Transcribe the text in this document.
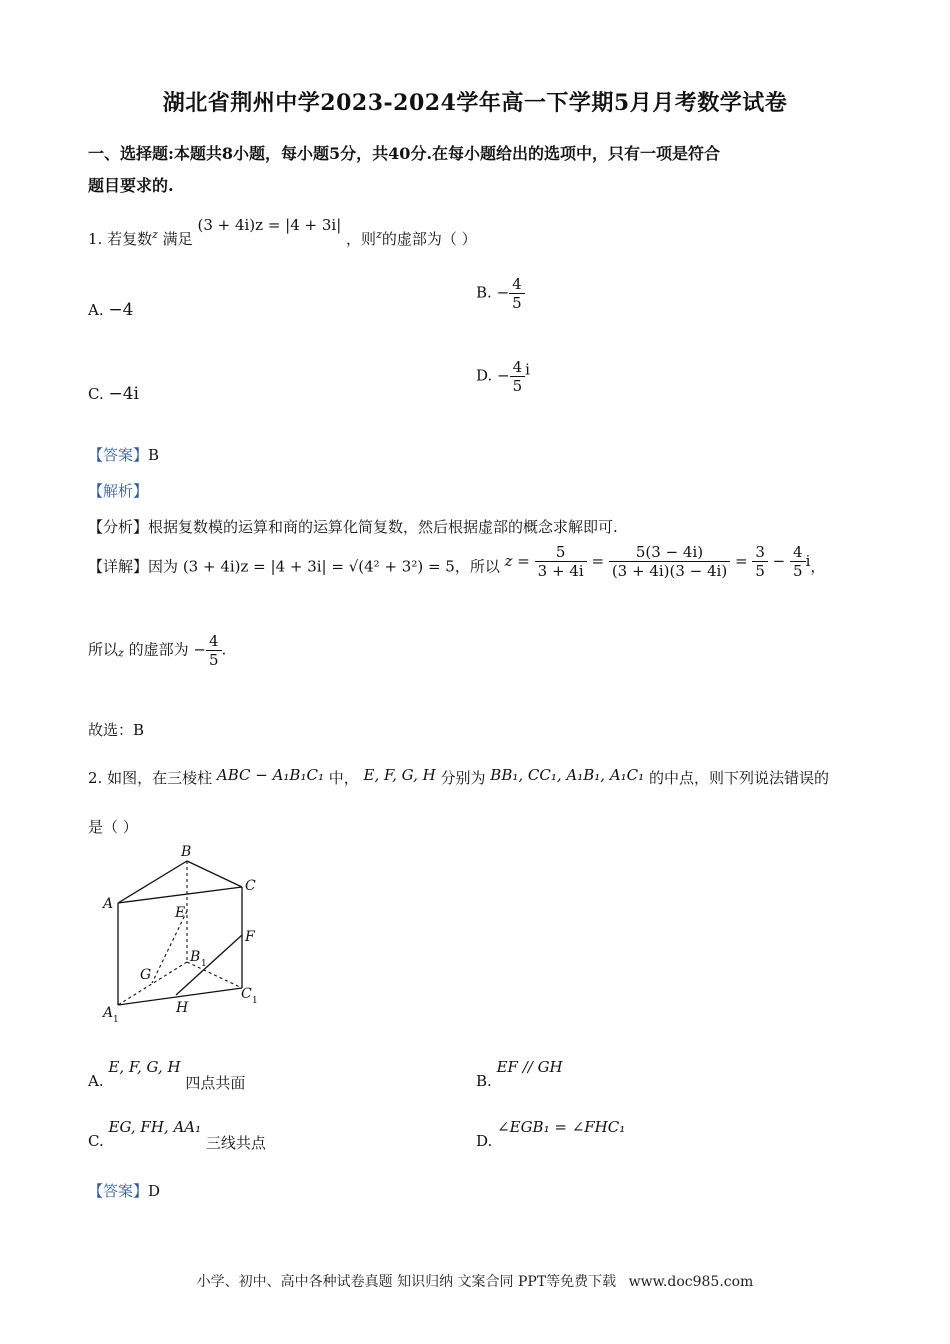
湖北省荆州中学2023-2024学年高一下学期5月月考数学试卷
一、选择题:本题共8小题，每小题5分，共40分.在每小题给出的选项中，只有一项是符合
题目要求的.
1. 若复数$^z$ 满足 (3 + 4i)z = |4 + 3i| ，则$^z$的虚部为（ ）
A. −4
B. − $\frac{4}{5}$
C. −4i
D. − $\frac{4}{5}$ i
【答案】B
【解析】
【分析】根据复数模的运算和商的运算化简复数，然后根据虚部的概念求解即可.
【详解】因为 (3 + 4i)z = |4 + 3i| = √(4² + 3²) = 5，所以 $z = \frac{5}{3 + 4i} = \frac{5(3 - 4i)}{(3 + 4i)(3 - 4i)} = \frac{3}{5} - \frac{4}{5}$ i，
所以z 的虚部为 − $\frac{4}{5}$ .
故选：B
2. 如图，在三棱柱 ABC − A₁B₁C₁ 中， E, F, G, H 分别为 BB₁, CC₁, A₁B₁, A₁C₁ 的中点，则下列说法错误的
是（ ）
B
C
A
E
F
G
B 1
C 1
H
A 1
A. E, F, G, H 四点共面	B. EF // GH
C. EG, FH, AA₁ 三线共点	D. ∠EGB₁ = ∠FHC₁
【答案】D
小学、初中、高中各种试卷真题 知识归纳 文案合同 PPT等免费下载 www.doc985.com
